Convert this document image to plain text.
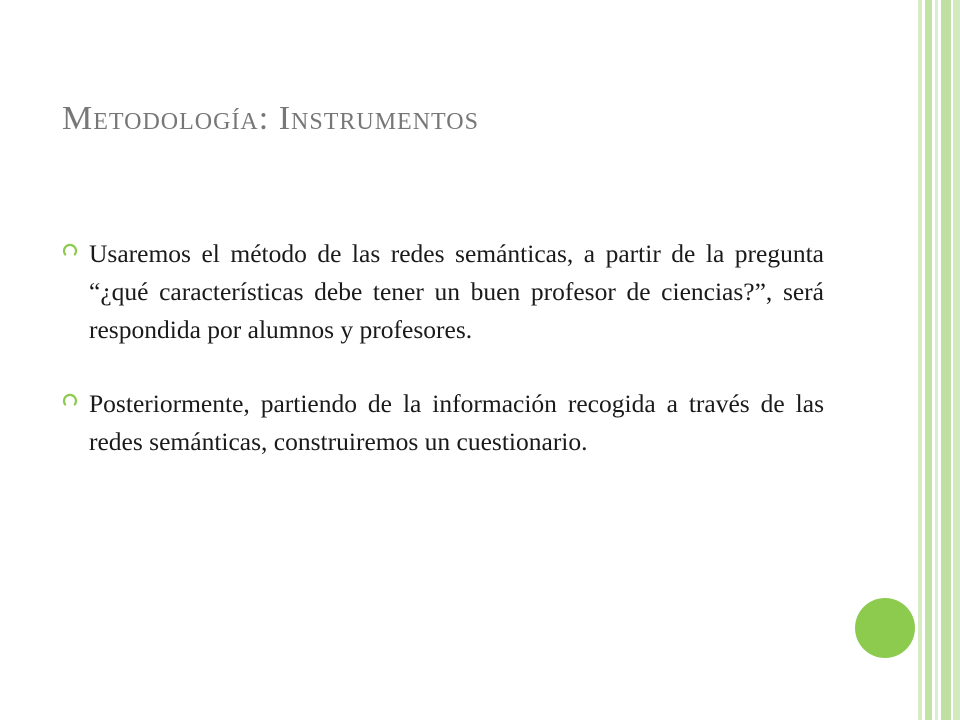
Metodología: Instrumentos
Usaremos el método de las redes semánticas, a partir de la pregunta “¿qué características debe tener un buen profesor de ciencias?”, será respondida por alumnos y profesores.
Posteriormente, partiendo de la información recogida a través de las redes semánticas, construiremos un cuestionario.
